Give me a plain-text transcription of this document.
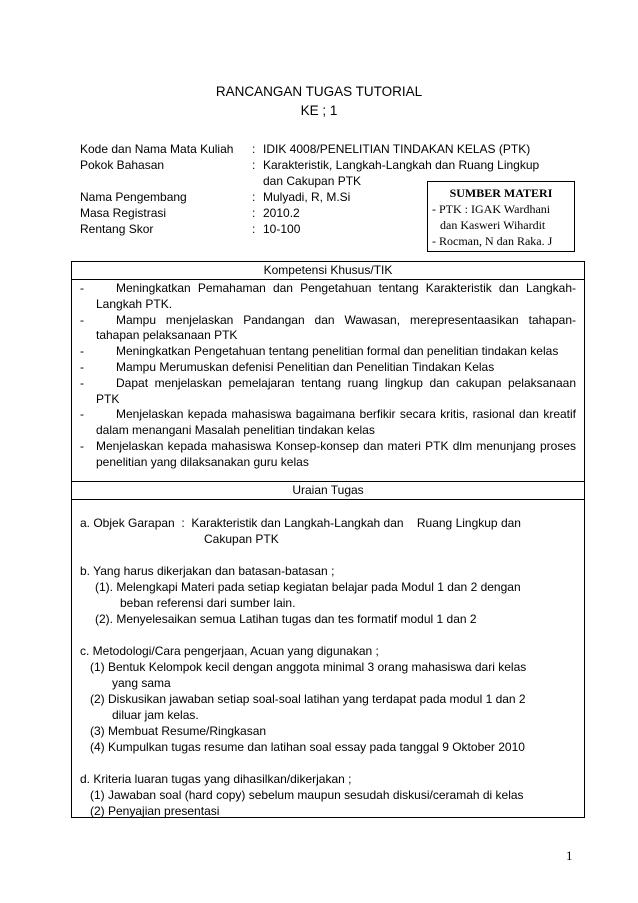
RANCANGAN TUGAS TUTORIAL
KE ; 1
Kode dan Nama Mata Kuliah : IDIK 4008/PENELITIAN TINDAKAN KELAS (PTK)
Pokok Bahasan	: Karakteristik, Langkah-Langkah dan Ruang Lingkup
dan Cakupan PTK
Nama Pengembang	: Mulyadi, R, M.Si
Masa Registrasi	: 2010.2
Rentang Skor	: 10-100
SUMBER MATERI
- PTK : IGAK Wardhani
dan Kasweri Wihardit
- Rocman, N dan Raka. J
Kompetensi Khusus/TIK
-	Meningkatkan Pemahaman dan Pengetahuan tentang Karakteristik dan Langkah-Langkah PTK.
-	Mampu menjelaskan Pandangan dan Wawasan, merepresentaasikan tahapan-tahapan pelaksanaan PTK
-	Meningkatkan Pengetahuan tentang penelitian formal dan penelitian tindakan kelas
-	Mampu Merumuskan defenisi Penelitian dan Penelitian Tindakan Kelas
-	Dapat menjelaskan pemelajaran tentang ruang lingkup dan cakupan pelaksanaan PTK
-	Menjelaskan kepada mahasiswa bagaimana berfikir secara kritis, rasional dan kreatif dalam menangani Masalah penelitian tindakan kelas
- Menjelaskan kepada mahasiswa Konsep-konsep dan materi PTK dlm menunjang proses penelitian yang dilaksanakan guru kelas
Uraian Tugas

a. Objek Garapan  :  Karakteristik dan Langkah-Langkah dan    Ruang Lingkup dan

Cakupan PTK

b. Yang harus dikerjakan dan batasan-batasan ;

(1). Melengkapi Materi pada setiap kegiatan belajar pada Modul 1 dan 2 dengan

beban referensi dari sumber lain.

(2). Menyelesaikan semua Latihan tugas dan tes formatif modul 1 dan 2

c. Metodologi/Cara pengerjaan, Acuan yang digunakan ;

(1) Bentuk Kelompok kecil dengan anggota minimal 3 orang mahasiswa dari kelas

yang sama

(2) Diskusikan jawaban setiap soal-soal latihan yang terdapat pada modul 1 dan 2

diluar jam kelas.

(3) Membuat Resume/Ringkasan

(4) Kumpulkan tugas resume dan latihan soal essay pada tanggal 9 Oktober 2010

d. Kriteria luaran tugas yang dihasilkan/dikerjakan ;

(1) Jawaban soal (hard copy) sebelum maupun sesudah diskusi/ceramah di kelas

(2) Penyajian presentasi

1
